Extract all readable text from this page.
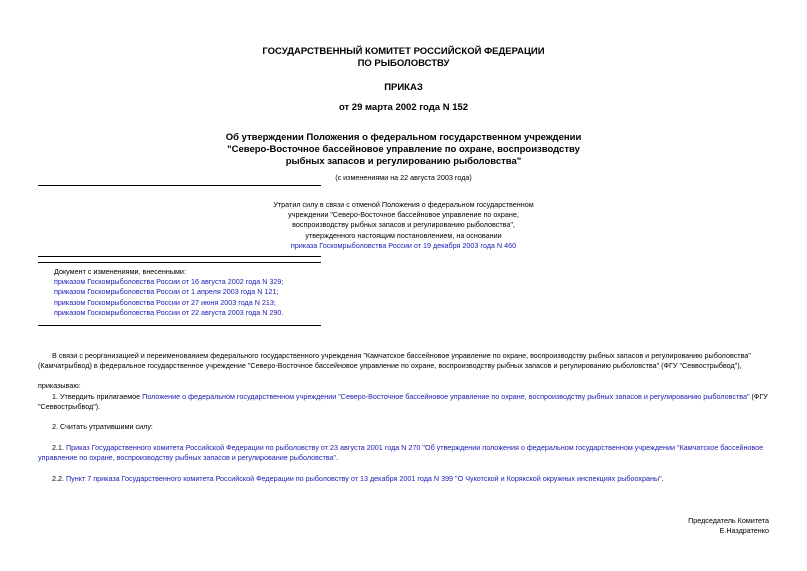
ГОСУДАРСТВЕННЫЙ КОМИТЕТ РОССИЙСКОЙ ФЕДЕРАЦИИ
ПО РЫБОЛОВСТВУ
ПРИКАЗ
от 29 марта 2002 года N 152
Об утверждении Положения о федеральном государственном учреждении
"Северо-Восточное бассейновое управление по охране, воспроизводству
рыбных запасов и регулированию рыболовства"
(с изменениями на 22 августа 2003 года)
Утратил силу в связи с отменой Положения о федеральном государственном
учреждении "Северо-Восточное бассейновое управление по охране,
воспроизводству рыбных запасов и регулированию рыболовства",
утвержденного настоящим постановлением, на основании
приказа Госкомрыболовства России от 19 декабря 2003 года N 460
Документ с изменениями, внесенными:
приказом Госкомрыболовства России от 16 августа 2002 года N 329;
приказом Госкомрыболовства России от 1 апреля 2003 года N 121;
приказом Госкомрыболовства России от 27 июня 2003 года N 213;
приказом Госкомрыболовства России от 22 августа 2003 года N 290.
В связи с реорганизацией и переименованием федерального государственного учреждения "Камчатское бассейновое управление по охране, воспроизводству рыбных запасов и регулированию рыболовства" (Камчатрыбвод) в федеральное государственное учреждение "Северо-Восточное бассейновое управление по охране, воспроизводству рыбных запасов и регулированию рыболовства" (ФГУ "Севвострыбвод"),
приказываю:
1. Утвердить прилагаемое Положение о федеральном государственном учреждении "Северо-Восточное бассейновое управление по охране, воспроизводству рыбных запасов и регулированию рыболовства" (ФГУ "Севвострыбвод").
2. Считать утратившими силу:
2.1. Приказ Государственного комитета Российской Федерации по рыболовству от 23 августа 2001 года N 270 "Об утверждении положения о федеральном государственном учреждении "Камчатское бассейновое управление по охране, воспроизводству рыбных запасов и регулирование рыболовства".
2.2. Пункт 7 приказа Государственного комитета Российской Федерации по рыболовству от 13 декабря 2001 года N 399 "О Чукотской и Корякской окружных инспекциях рыбоохраны".
Председатель Комитета
Е.Наздратенко
